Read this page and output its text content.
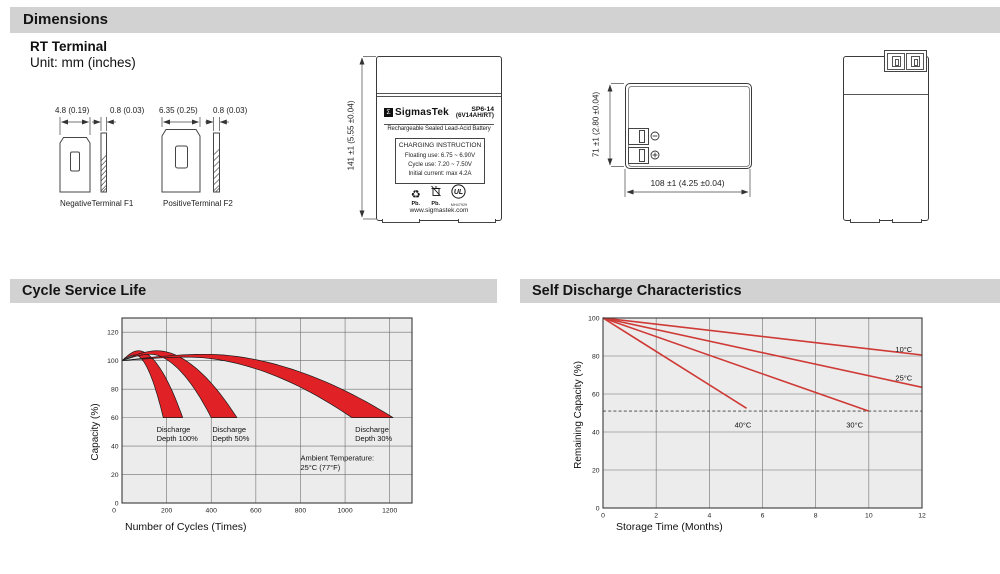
Dimensions
RT Terminal
Unit: mm (inches)
4.8 (0.19)	0.8 (0.03) 6.35 (0.25) 0.8 (0.03)
NegativeTerminal F1	PositiveTerminal F2
141 ±1 (5.55 ±0.04)	Σ SigmasTek	SP6-14
(6V14AH/RT)
Rechargeable Sealed Lead-Acid Battery
CHARGING INSTRUCTION
Floating use: 6.75 ~ 6.90V
Cycle use: 7.20 ~ 7.50V
Initial current: max 4.2A
♻
Pb.	Pb.
UL
MH47929
www.sigmastek.com
71 ±1 (2.80 ±0.04)
108 ±1 (4.25 ±0.04)
Cycle Service Life	Self Discharge Characteristics
0
20
40
60
80
100
120
0	200	400	600	800	1000	1200
Discharge
Depth 100%
Discharge
Depth 50%
Discharge
Depth 30%
Ambient Temperature:
25°C (77°F)
Number of Cycles (Times)
Capacity (%)
10°C
25°C
30°C
40°C
0
20
40
60
80
100
0	2	4	6	8	10	12
Storage Time (Months)
Remaining Capacity (%)
